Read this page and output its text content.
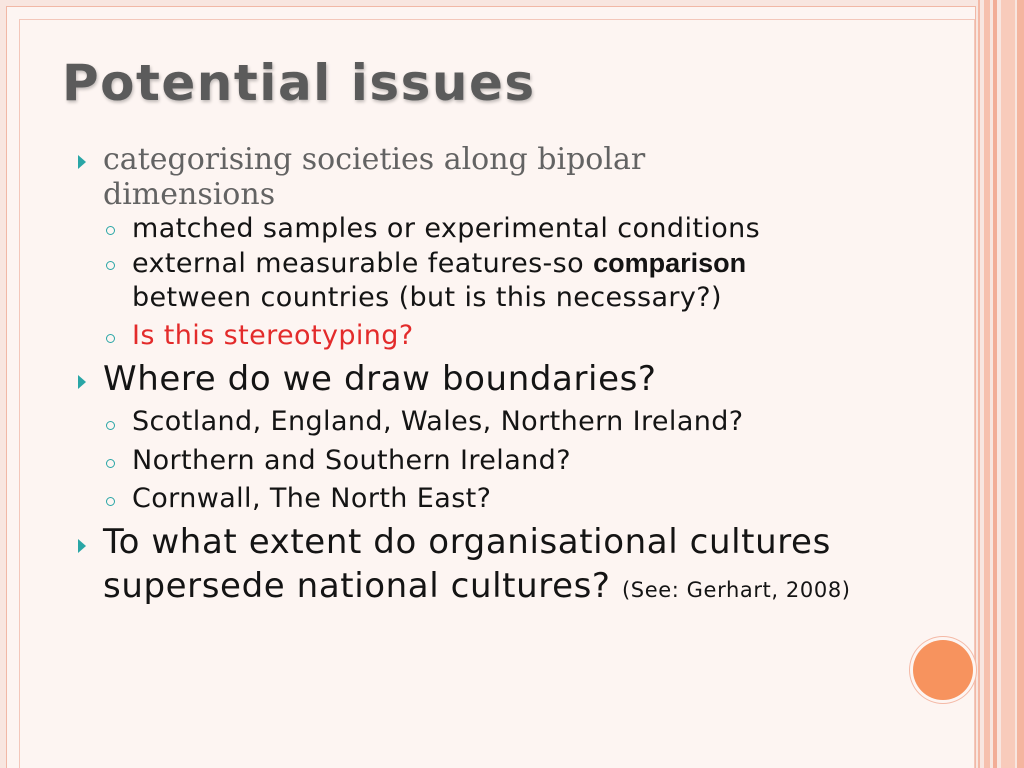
Potential issues
categorising societies along bipolar
dimensions
matched samples or experimental conditions
external measurable features-so comparison
between countries (but is this necessary?)
Is this stereotyping?
Where do we draw boundaries?
Scotland, England, Wales, Northern Ireland?
Northern and Southern Ireland?
Cornwall, The North East?
To what extent do organisational cultures
supersede national cultures? (See: Gerhart, 2008)
